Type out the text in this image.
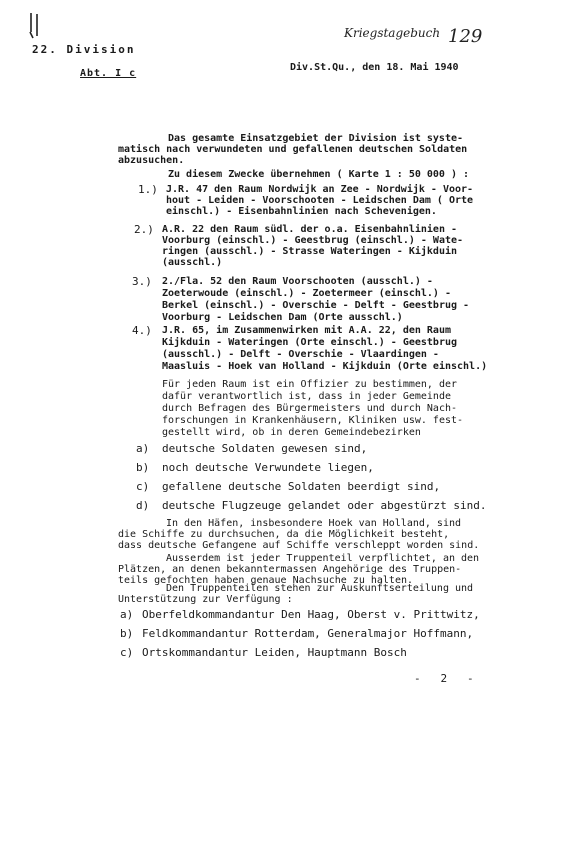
22. Division
Abt. I c
Div.St.Qu., den 18. Mai 1940
Kriegstagebuch 129
Das gesamte Einsatzgebiet der Division ist syste-
matisch nach verwundeten und gefallenen deutschen Soldaten
abzusuchen.
Zu diesem Zwecke übernehmen ( Karte 1 : 50 000 ) :
1.) J.R. 47 den Raum Nordwijk an Zee - Nordwijk - Voor-
hout - Leiden - Voorschooten - Leidschen Dam ( Orte
einschl.) - Eisenbahnlinien nach Schevenigen.
2.) A.R. 22 den Raum südl. der o.a. Eisenbahnlinien -
Voorburg (einschl.) - Geestbrug (einschl.) - Wate-
ringen (ausschl.) - Strasse Wateringen - Kijkduin
(ausschl.)
3.) 2./Fla. 52 den Raum Voorschooten (ausschl.) -
Zoeterwoude (einschl.) - Zoetermeer (einschl.) -
Berkel (einschl.) - Overschie - Delft - Geestbrug -
Voorburg - Leidschen Dam (Orte ausschl.)
4.) J.R. 65, im Zusammenwirken mit A.A. 22, den Raum
Kijkduin - Wateringen (Orte einschl.) - Geestbrug
(ausschl.) - Delft - Overschie - Vlaardingen -
Maasluis - Hoek van Holland - Kijkduin (Orte einschl.)
Für jeden Raum ist ein Offizier zu bestimmen, der
dafür verantwortlich ist, dass in jeder Gemeinde
durch Befragen des Bürgermeisters und durch Nach-
forschungen in Krankenhäusern, Kliniken usw. fest-
gestellt wird, ob in deren Gemeindebezirken
a) deutsche Soldaten gewesen sind,
b) noch deutsche Verwundete liegen,
c) gefallene deutsche Soldaten beerdigt sind,
d) deutsche Flugzeuge gelandet oder abgestürzt sind.
In den Häfen, insbesondere Hoek van Holland, sind
die Schiffe zu durchsuchen, da die Möglichkeit besteht,
dass deutsche Gefangene auf Schiffe verschleppt worden sind.
Ausserdem ist jeder Truppenteil verpflichtet, an den
Plätzen, an denen bekanntermassen Angehörige des Truppen-
teils gefochten haben genaue Nachsuche zu halten.
Den Truppenteilen stehen zur Auskunftserteilung und
Unterstützung zur Verfügung :
a) Oberfeldkommandantur Den Haag, Oberst v. Prittwitz,
b) Feldkommandantur Rotterdam, Generalmajor Hoffmann,
c) Ortskommandantur Leiden, Hauptmann Bosch
-   2   -
